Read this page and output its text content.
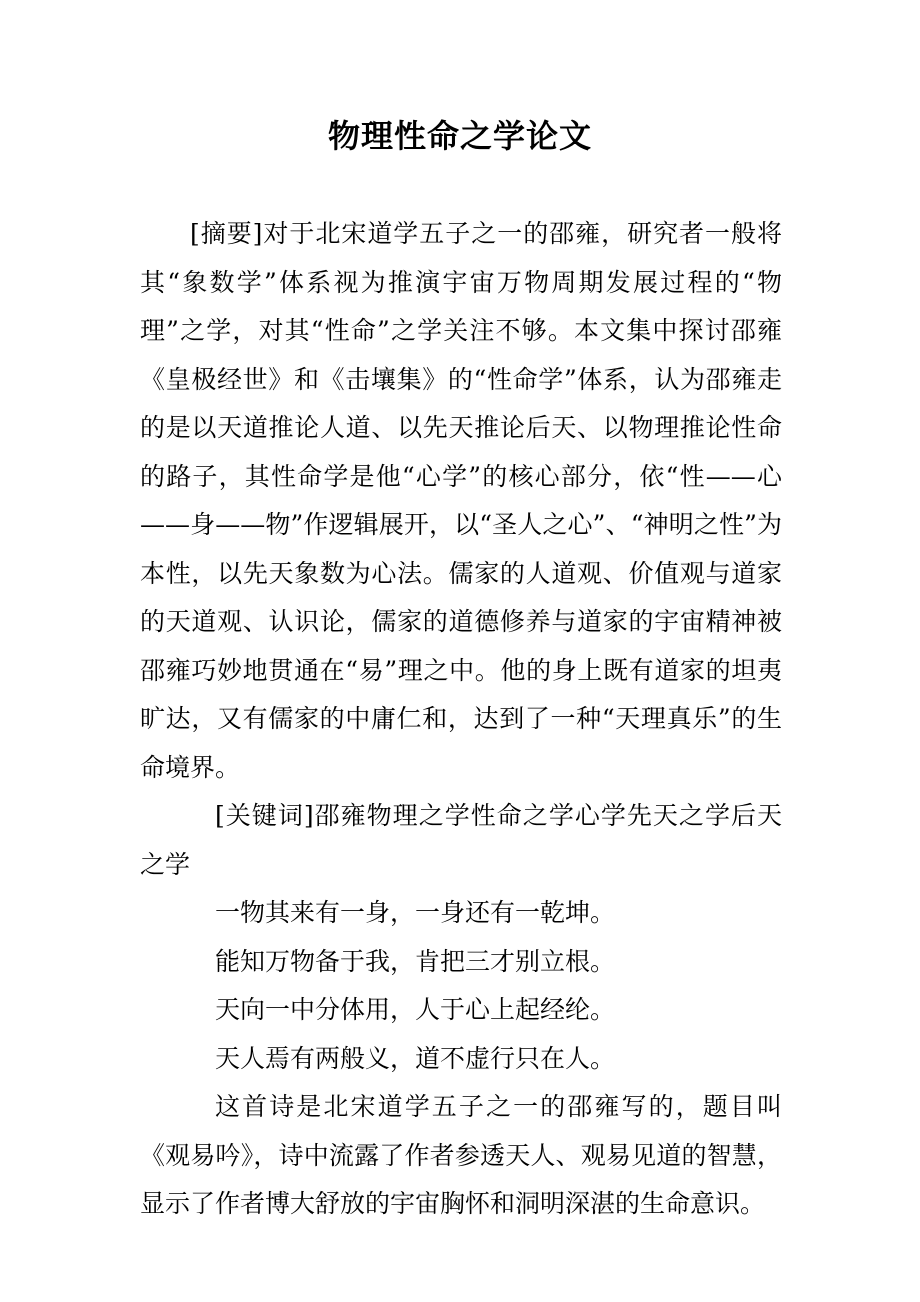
物理性命之学论文

[摘要]对于北宋道学五子之一的邵雍，研究者一般将其“象数学”体系视为推演宇宙万物周期发展过程的“物理”之学，对其“性命”之学关注不够。本文集中探讨邵雍《皇极经世》和《击壤集》的“性命学”体系，认为邵雍走的是以天道推论人道、以先天推论后天、以物理推论性命的路子，其性命学是他“心学”的核心部分，依“性——心——身——物”作逻辑展开，以“圣人之心”、“神明之性”为本性，以先天象数为心法。儒家的人道观、价值观与道家的天道观、认识论，儒家的道德修养与道家的宇宙精神被邵雍巧妙地贯通在“易”理之中。他的身上既有道家的坦夷旷达，又有儒家的中庸仁和，达到了一种“天理真乐”的生命境界。

[关键词]邵雍物理之学性命之学心学先天之学后天之学

一物其来有一身，一身还有一乾坤。

能知万物备于我，肯把三才别立根。

天向一中分体用，人于心上起经纶。

天人焉有两般义，道不虚行只在人。

这首诗是北宋道学五子之一的邵雍写的，题目叫《观易吟》，诗中流露了作者参透天人、观易见道的智慧，显示了作者博大舒放的宇宙胸怀和洞明深湛的生命意识。
